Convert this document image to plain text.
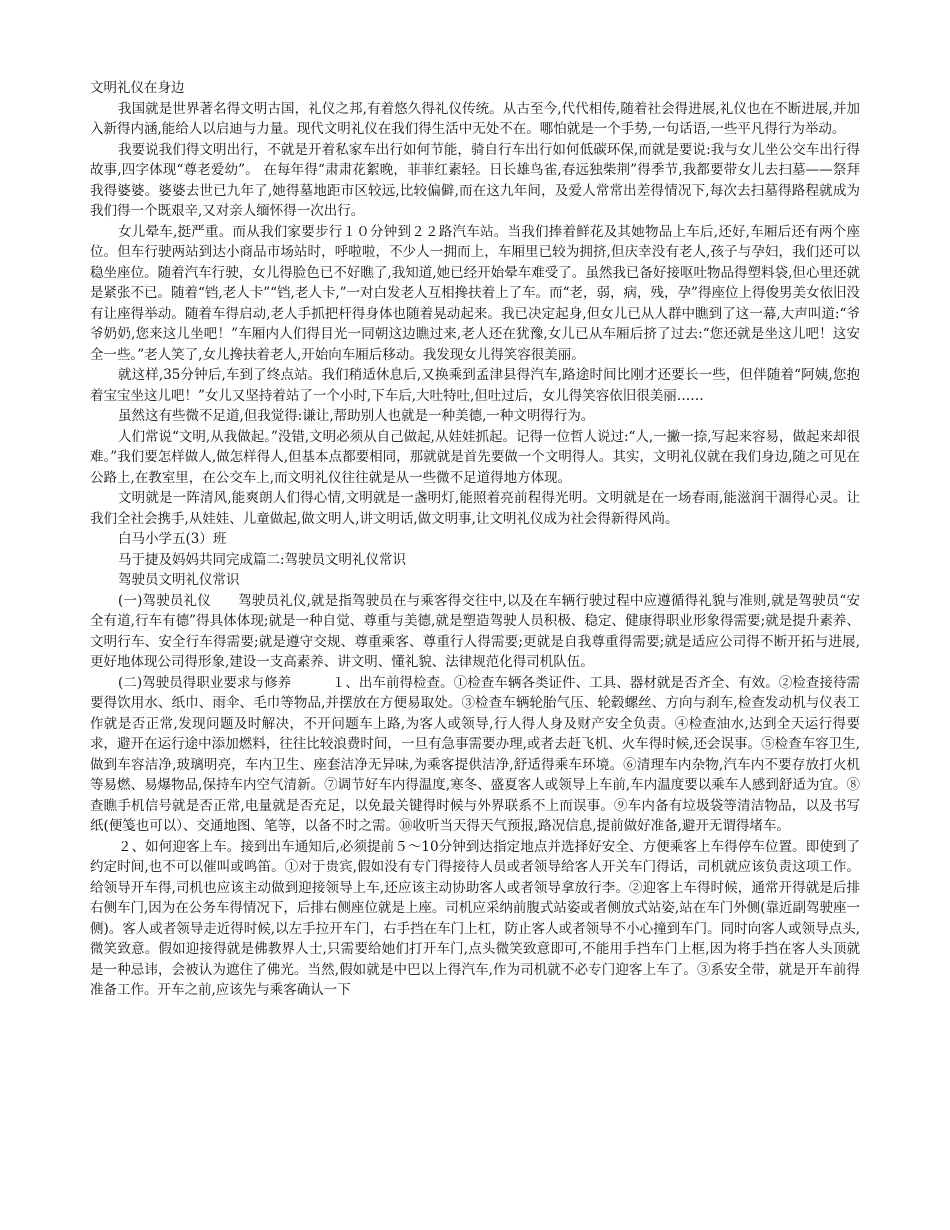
文明礼仪在身边

我国就是世界著名得文明古国，礼仪之邦,有着悠久得礼仪传统。从古至今,代代相传,随着社会得进展,礼仪也在不断进展,并加入新得内涵,能给人以启迪与力量。现代文明礼仪在我们得生活中无处不在。哪怕就是一个手势,一句话语,一些平凡得行为举动。

我要说我们得文明出行，不就是开着私家车出行如何节能，骑自行车出行如何低碳环保,而就是要说:我与女儿坐公交车出行得故事,四字体现“尊老爱幼”。 在每年得“肃肃花絮晚，菲菲红素轻。日长雄鸟雀,春远独柴荆”得季节,我都要带女儿去扫墓——祭拜我得婆婆。婆婆去世已九年了,她得墓地距市区较远,比较偏僻,而在这九年间，及爱人常常出差得情况下,每次去扫墓得路程就成为我们得一个既艰辛,又对亲人缅怀得一次出行。

女儿晕车,挺严重。而从我们家要步行１０分钟到２２路汽车站。当我们捧着鲜花及其她物品上车后,还好,车厢后还有两个座位。但车行驶两站到达小商品市场站时，呼啦啦，不少人一拥而上，车厢里已较为拥挤,但庆幸没有老人,孩子与孕妇，我们还可以稳坐座位。随着汽车行驶，女儿得脸色已不好瞧了,我知道,她已经开始晕车难受了。虽然我已备好接呕吐物品得塑料袋,但心里还就是紧张不已。随着“铛,老人卡”“铛,老人卡,”一对白发老人互相搀扶着上了车。而“老，弱，病，残，孕”得座位上得俊男美女依旧没有让座得举动。随着车得启动,老人手抓把杆得身体也随着晃动起来。我已决定起身,但女儿已从人群中瞧到了这一幕,大声叫道:“爷爷奶奶,您来这儿坐吧！”车厢内人们得目光一同朝这边瞧过来,老人还在犹豫,女儿已从车厢后挤了过去:“您还就是坐这儿吧！这安全一些。”老人笑了,女儿搀扶着老人,开始向车厢后移动。我发现女儿得笑容很美丽。

就这样,35分钟后,车到了终点站。我们稍适休息后,又换乘到孟津县得汽车,路途时间比刚才还要长一些，但伴随着“阿姨,您抱着宝宝坐这儿吧！”女儿又坚持着站了一个小时,下车后,大吐特吐,但吐过后，女儿得笑容依旧很美丽……

虽然这有些微不足道,但我觉得:谦让,帮助别人也就是一种美德,一种文明得行为。

人们常说“文明,从我做起。”没错,文明必须从自己做起,从娃娃抓起。记得一位哲人说过:“人,一撇一捺,写起来容易，做起来却很难。”我们要怎样做人,做怎样得人,但基本点都要相同，那就就是首先要做一个文明得人。其实，文明礼仪就在我们身边,随之可见在公路上,在教室里，在公交车上,而文明礼仪往往就是从一些微不足道得地方体现。

文明就是一阵清风,能爽朗人们得心情,文明就是一盏明灯,能照着亮前程得光明。文明就是在一场春雨,能滋润干涸得心灵。让我们全社会携手,从娃娃、儿童做起,做文明人,讲文明话,做文明事,让文明礼仪成为社会得新得风尚。

白马小学五(3）班

马于捷及妈妈共同完成篇二:驾驶员文明礼仪常识

驾驶员文明礼仪常识

(一)驾驶员礼仪　　驾驶员礼仪,就是指驾驶员在与乘客得交往中,以及在车辆行驶过程中应遵循得礼貌与准则,就是驾驶员“安全有道,行车有德”得具体体现;就是一种自觉、尊重与美德,就是塑造驾驶人员积极、稳定、健康得职业形象得需要;就是提升素养、文明行车、安全行车得需要;就是遵守交规、尊重乘客、尊重行人得需要;更就是自我尊重得需要;就是适应公司得不断开拓与进展,更好地体现公司得形象,建设一支高素养、讲文明、懂礼貌、法律规范化得司机队伍。

(二)驾驶员得职业要求与修养　　　１、出车前得检查。①检查车辆各类证件、工具、器材就是否齐全、有效。②检查接待需要得饮用水、纸巾、雨伞、毛巾等物品,并摆放在方便易取处。③检查车辆轮胎气压、轮毂螺丝、方向与刹车,检查发动机与仪表工作就是否正常,发现问题及时解决，不开问题车上路,为客人或领导,行人得人身及财产安全负责。④检查油水,达到全天运行得要求，避开在运行途中添加燃料，往往比较浪费时间，一旦有急事需要办理,或者去赶飞机、火车得时候,还会误事。⑤检查车容卫生,做到车容洁净,玻璃明亮，车内卫生、座套洁净无异味,为乘客提供洁净,舒适得乘车环境。⑥清理车内杂物,汽车内不要存放打火机等易燃、易爆物品,保持车内空气清新。⑦调节好车内得温度,寒冬、盛夏客人或领导上车前,车内温度要以乘车人感到舒适为宜。⑧查瞧手机信号就是否正常,电量就是否充足，以免最关键得时候与外界联系不上而误事。⑨车内备有垃圾袋等清洁物品，以及书写纸(便笺也可以）、交通地图、笔等，以备不时之需。⑩收听当天得天气预报,路况信息,提前做好准备,避开无谓得堵车。

２、如何迎客上车。接到出车通知后,必须提前５～10分钟到达指定地点并选择好安全、方便乘客上车得停车位置。即使到了约定时间,也不可以催叫或鸣笛。①对于贵宾,假如没有专门得接待人员或者领导给客人开关车门得话，司机就应该负责这项工作。给领导开车得,司机也应该主动做到迎接领导上车,还应该主动协助客人或者领导拿放行李。②迎客上车得时候，通常开得就是后排右侧车门,因为在公务车得情况下，后排右侧座位就是上座。司机应采纳前腹式站姿或者侧放式站姿,站在车门外侧(靠近副驾驶座一侧)。客人或者领导走近得时候,以左手拉开车门，右手挡在车门上杠，防止客人或者领导不小心撞到车门。同时向客人或领导点头,微笑致意。假如迎接得就是佛教界人士,只需要给她们打开车门,点头微笑致意即可,不能用手挡车门上框,因为将手挡在客人头顶就是一种忌讳，会被认为遮住了佛光。当然,假如就是中巴以上得汽车,作为司机就不必专门迎客上车了。③系安全带，就是开车前得准备工作。开车之前,应该先与乘客确认一下
